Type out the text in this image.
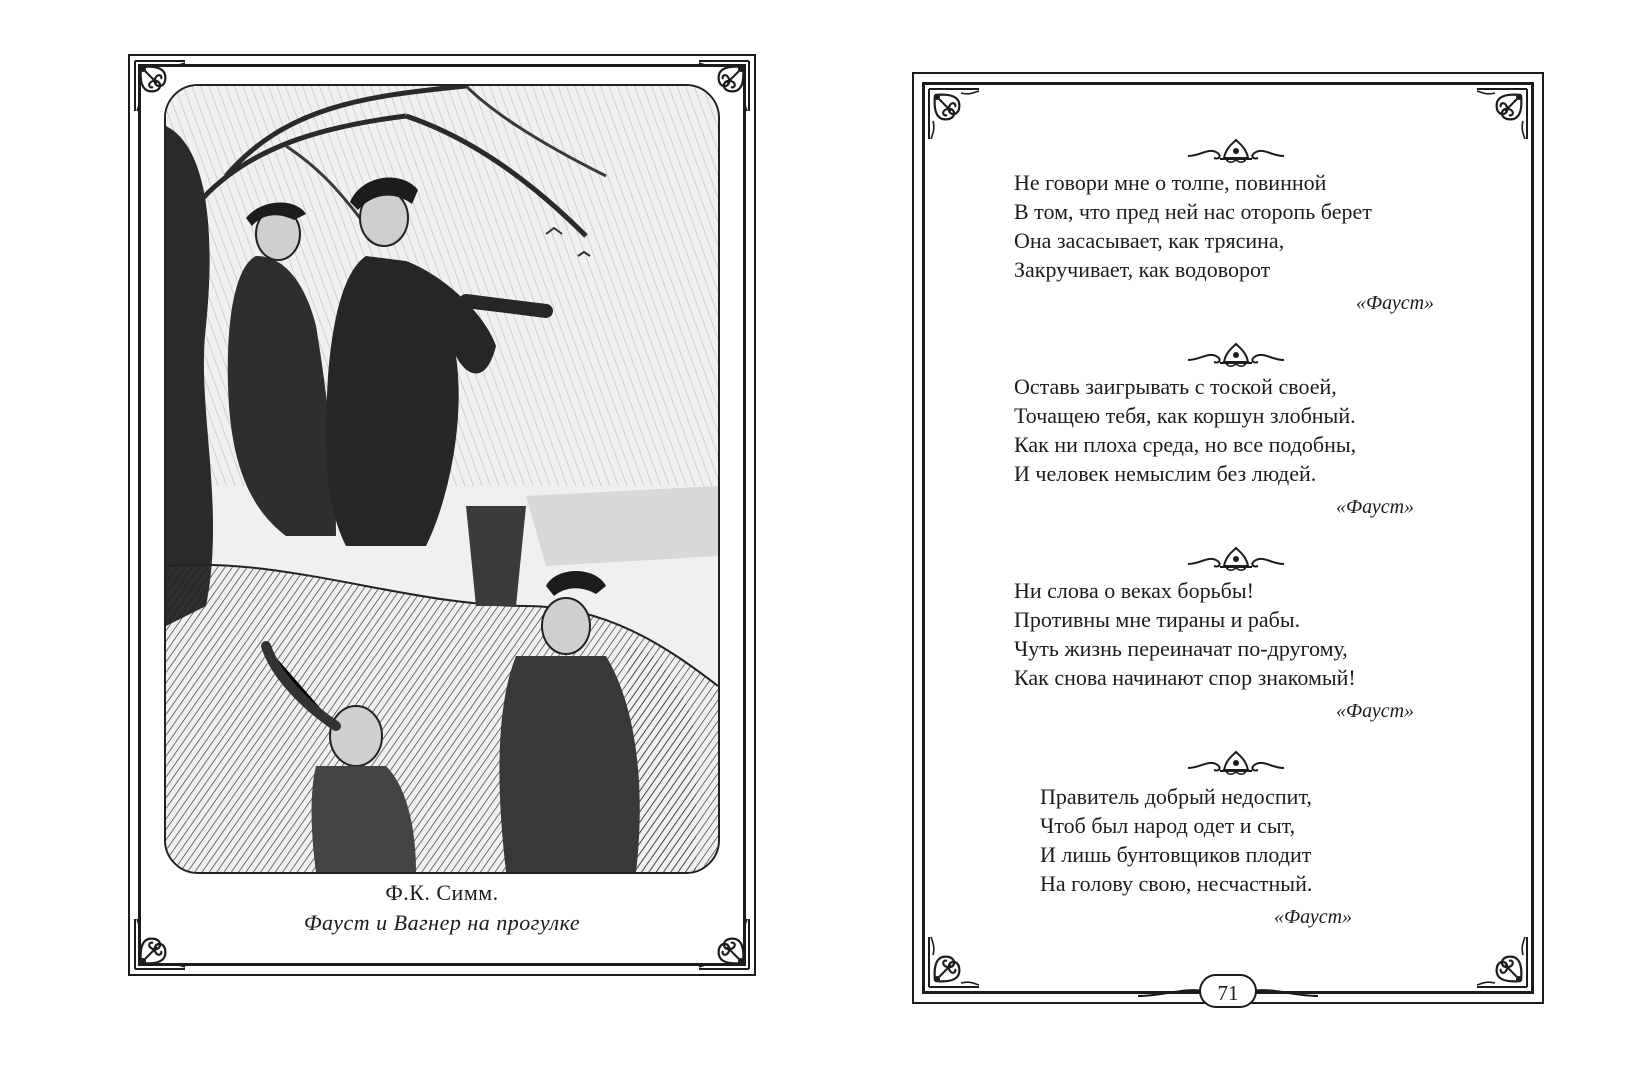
Ф.К. Симм.
Фауст и Вагнер на прогулке
Не говори мне о толпе, повинной
В том, что пред ней нас оторопь берет
Она засасывает, как трясина,
Закручивает, как водоворот
«Фауст»
Оставь заигрывать с тоской своей,
Точащею тебя, как коршун злобный.
Как ни плоха среда, но все подобны,
И человек немыслим без людей.
«Фауст»
Ни слова о веках борьбы!
Противны мне тираны и рабы.
Чуть жизнь переиначат по-другому,
Как снова начинают спор знакомый!
«Фауст»
Правитель добрый недоспит,
Чтоб был народ одет и сыт,
И лишь бунтовщиков плодит
На голову свою, несчастный.
«Фауст»
71
